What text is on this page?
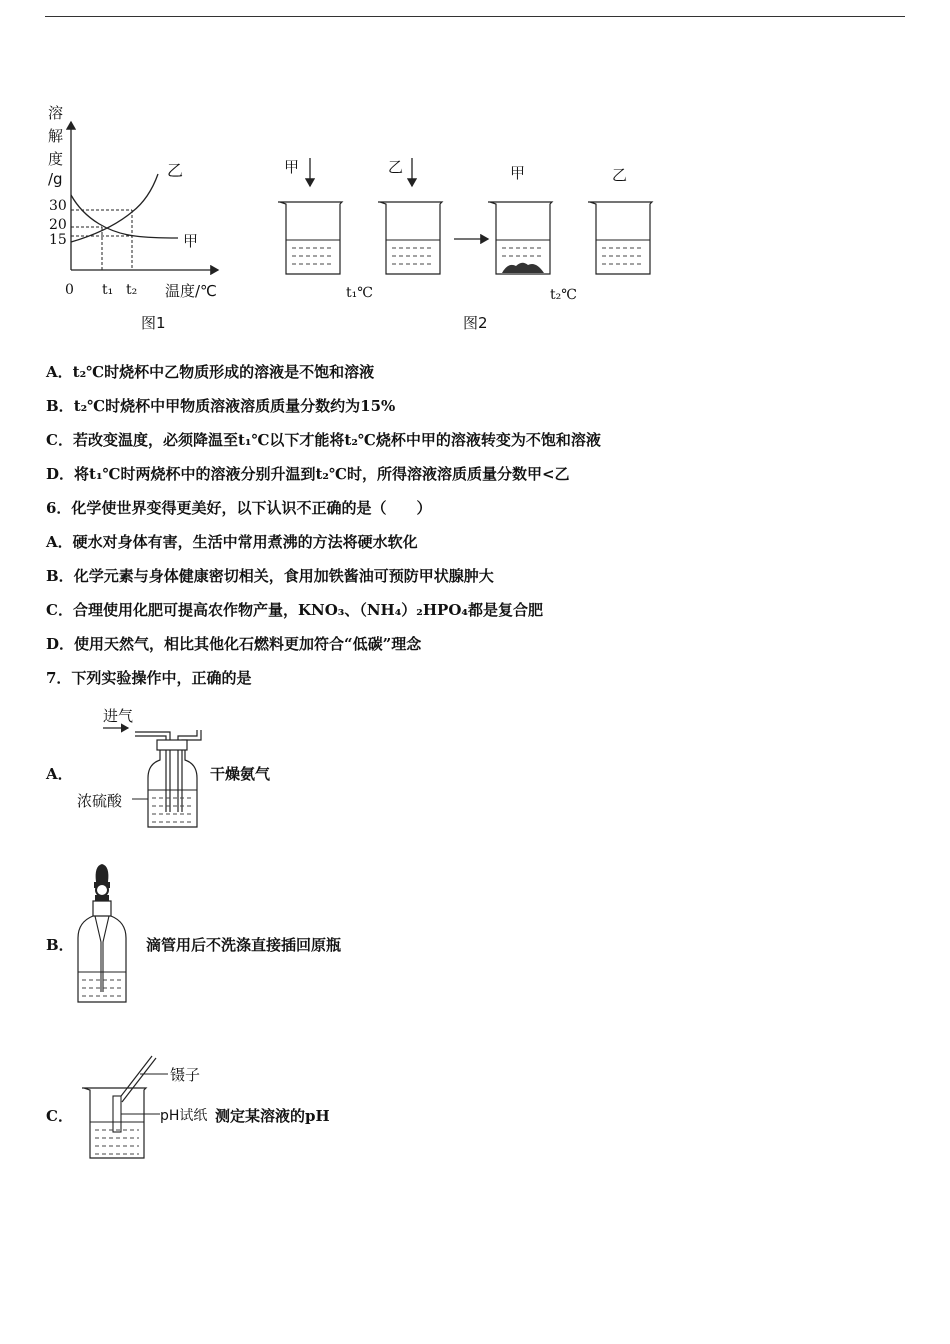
溶
解
度
/g
30
20
15
0 t₁ t₂ 温度/℃
乙
甲
图1
甲	乙	甲	乙
t₁℃	t₂℃
图2
A．t₂℃时烧杯中乙物质形成的溶液是不饱和溶液
B．t₂℃时烧杯中甲物质溶液溶质质量分数约为15%
C．若改变温度，必须降温至t₁℃以下才能将t₂℃烧杯中甲的溶液转变为不饱和溶液
D．将t₁℃时两烧杯中的溶液分别升温到t₂℃时，所得溶液溶质质量分数甲<乙
6．化学使世界变得更美好，以下认识不正确的是（　　）
A．硬水对身体有害，生活中常用煮沸的方法将硬水软化
B．化学元素与身体健康密切相关，食用加铁酱油可预防甲状腺肿大
C．合理使用化肥可提高农作物产量，KNO₃、（NH₄）₂HPO₄都是复合肥
D．使用天然气，相比其他化石燃料更加符合“低碳”理念
7．下列实验操作中，正确的是
A．
进气
浓硫酸
干燥氨气
B．	滴管用后不洗涤直接插回原瓶
C．
镊子
pH试纸 测定某溶液的pH
